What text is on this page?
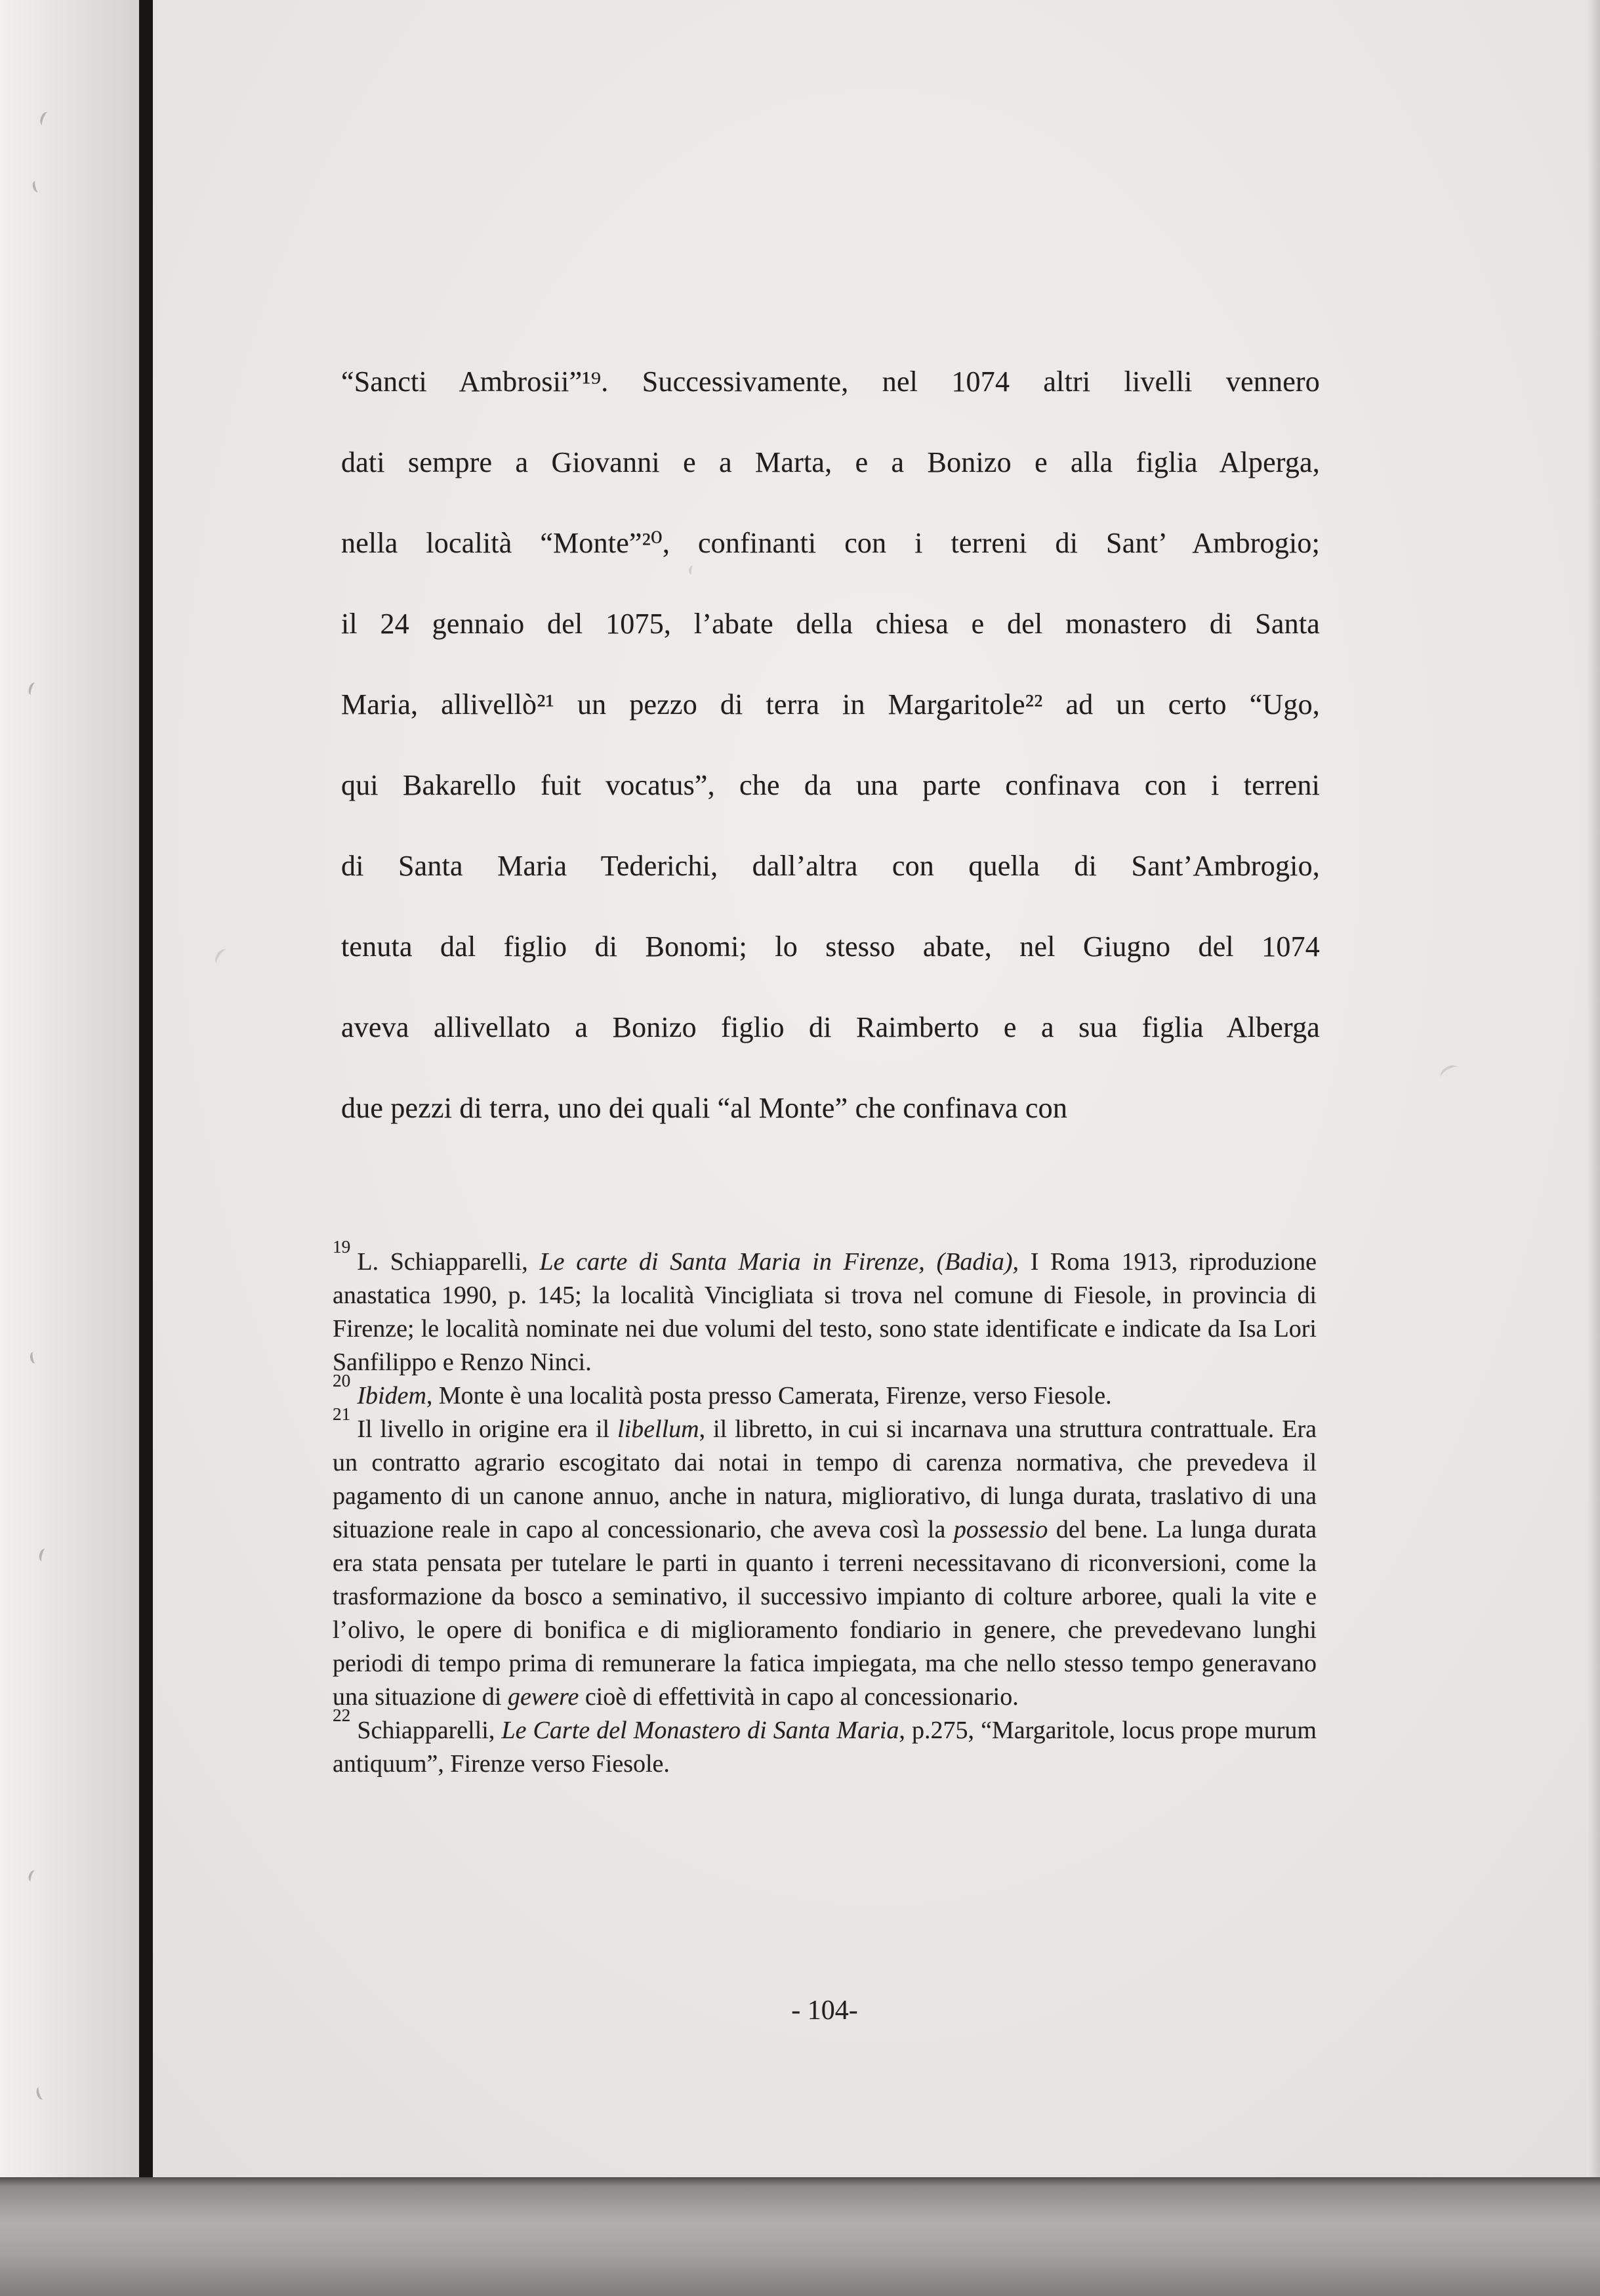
“Sancti Ambrosii”¹⁹. Successivamente, nel 1074 altri livelli vennero
dati sempre a Giovanni e a Marta, e a Bonizo e alla figlia Alperga,
nella località “Monte”²⁰, confinanti con i terreni di Sant’ Ambrogio;
il 24 gennaio del 1075, l’abate della chiesa e del monastero di Santa
Maria, allivellò²¹ un pezzo di terra in Margaritole²² ad un certo “Ugo,
qui Bakarello fuit vocatus”, che da una parte confinava con i terreni
di Santa Maria Tederichi, dall’altra con quella di Sant’Ambrogio,
tenuta dal figlio di Bonomi; lo stesso abate, nel Giugno del 1074
aveva allivellato a Bonizo figlio di Raimberto e a sua figlia Alberga
due pezzi di terra, uno dei quali “al Monte” che confinava con

$^{19}$L. Schiapparelli, Le carte di Santa Maria in Firenze, (Badia), I Roma 1913, riproduzione anastatica 1990, p. 145; la località Vincigliata si trova nel comune di Fiesole, in provincia di Firenze; le località nominate nei due volumi del testo, sono state identificate e indicate da Isa Lori Sanfilippo e Renzo Ninci.

$^{20}$Ibidem, Monte è una località posta presso Camerata, Firenze, verso Fiesole.

$^{21}$Il livello in origine era il libellum, il libretto, in cui si incarnava una struttura contrattuale. Era un contratto agrario escogitato dai notai in tempo di carenza normativa, che prevedeva il pagamento di un canone annuo, anche in natura, migliorativo, di lunga durata, traslativo di una situazione reale in capo al concessionario, che aveva così la possessio del bene. La lunga durata era stata pensata per tutelare le parti in quanto i terreni necessitavano di riconversioni, come la trasformazione da bosco a seminativo, il successivo impianto di colture arboree, quali la vite e l’olivo, le opere di bonifica e di miglioramento fondiario in genere, che prevedevano lunghi periodi di tempo prima di remunerare la fatica impiegata, ma che nello stesso tempo generavano una situazione di gewere cioè di effettività in capo al concessionario.

$^{22}$Schiapparelli, Le Carte del Monastero di Santa Maria, p.275, “Margaritole, locus prope murum antiquum”, Firenze verso Fiesole.

- 104-
